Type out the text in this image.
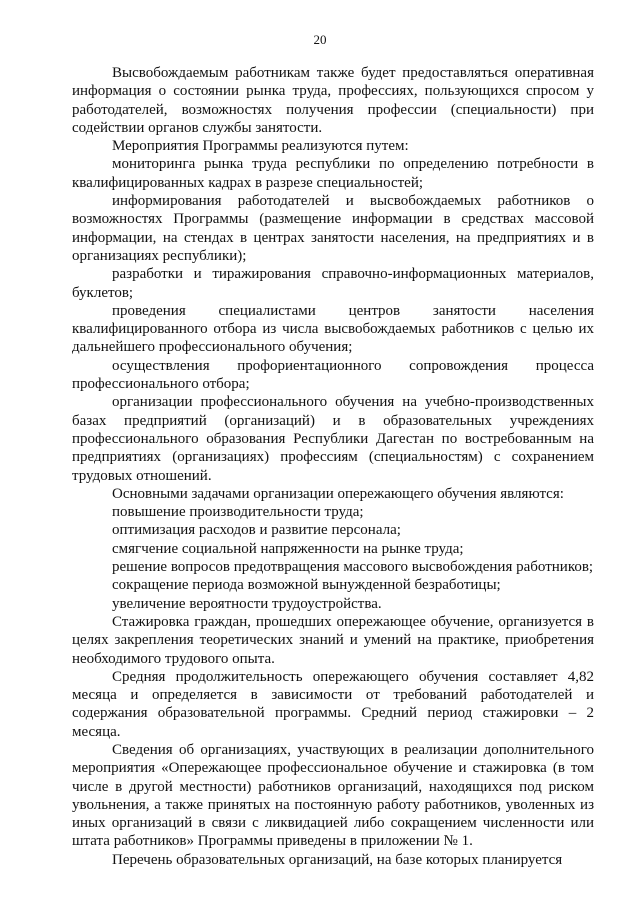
20

Высвобождаемым работникам также будет предоставляться оперативная информация о состоянии рынка труда, профессиях, пользующихся спросом у работодателей, возможностях получения профессии (специальности) при содействии органов службы занятости.

Мероприятия Программы реализуются путем:

мониторинга рынка труда республики по определению потребности в квалифицированных кадрах в разрезе специальностей;

информирования работодателей и высвобождаемых работников о возможностях Программы (размещение информации в средствах массовой информации, на стендах в центрах занятости населения, на предприятиях и в организациях республики);

разработки и тиражирования справочно-информационных материалов, буклетов;

проведения специалистами центров занятости населения квалифицированного отбора из числа высвобождаемых работников с целью их дальнейшего профессионального обучения;

осуществления профориентационного сопровождения процесса профессионального отбора;

организации профессионального обучения на учебно-производственных базах предприятий (организаций) и в образовательных учреждениях профессионального образования Республики Дагестан по востребованным на предприятиях (организациях) профессиям (специальностям) с сохранением трудовых отношений.

Основными задачами организации опережающего обучения являются:

повышение производительности труда;

оптимизация расходов и развитие персонала;

смягчение социальной напряженности на рынке труда;

решение вопросов предотвращения массового высвобождения работников;

сокращение периода возможной вынужденной безработицы;

увеличение вероятности трудоустройства.

Стажировка граждан, прошедших опережающее обучение, организуется в целях закрепления теоретических знаний и умений на практике, приобретения необходимого трудового опыта.

Средняя продолжительность опережающего обучения составляет 4,82 месяца и определяется в зависимости от требований работодателей и содержания образовательной программы. Средний период стажировки – 2 месяца.

Сведения об организациях, участвующих в реализации дополнительного мероприятия «Опережающее профессиональное обучение и стажировка (в том числе в другой местности) работников организаций, находящихся под риском увольнения, а также принятых на постоянную работу работников, уволенных из иных организаций в связи с ликвидацией либо сокращением численности или штата работников» Программы приведены в приложении № 1.

Перечень образовательных организаций, на базе которых планируется
